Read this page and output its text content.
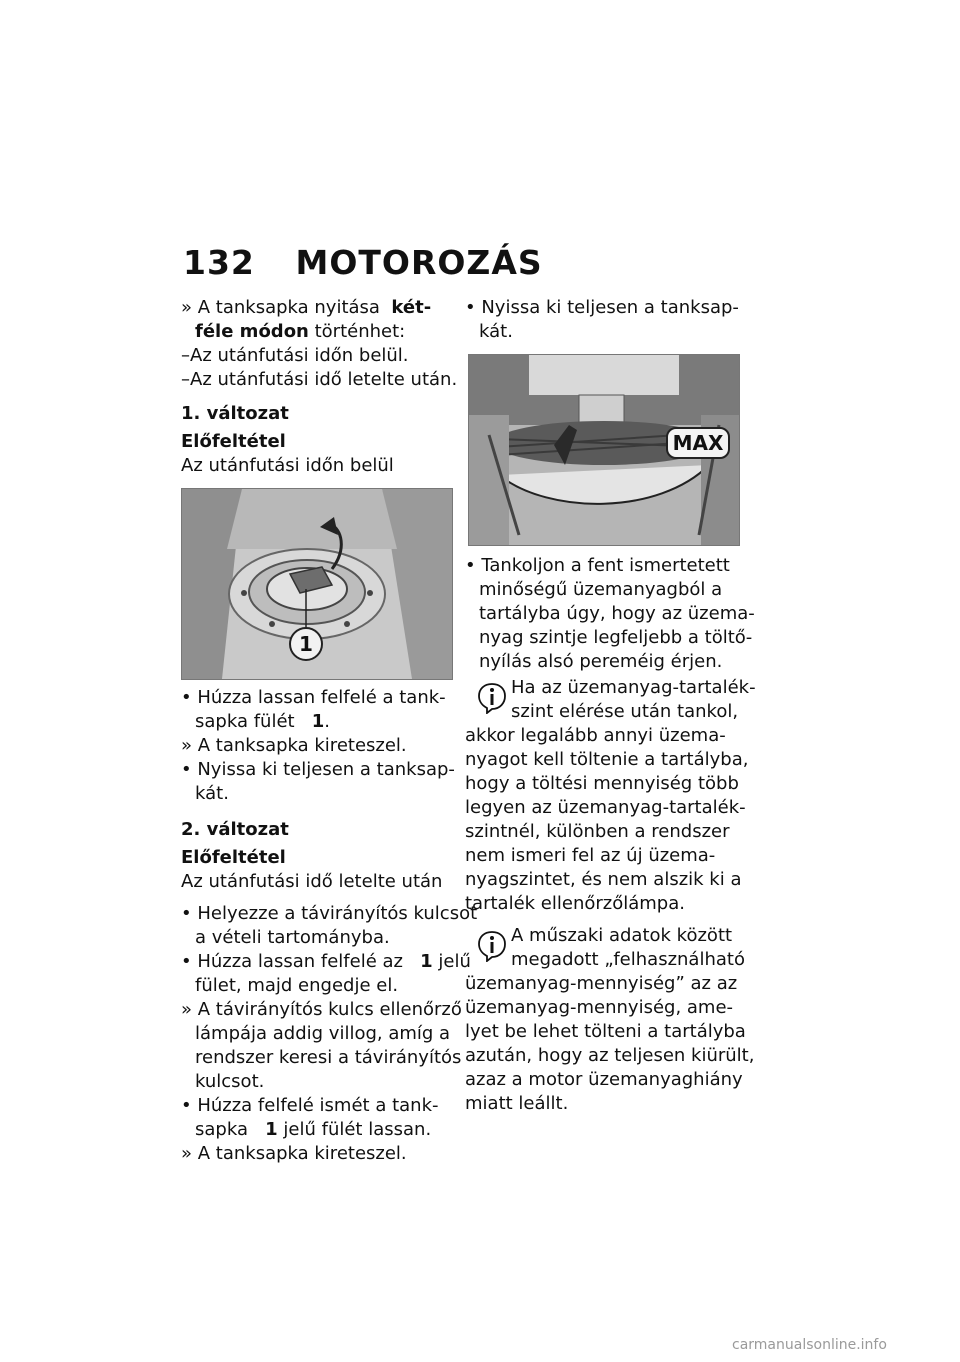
132 MOTOROZÁS
» A tanksapka nyitása két-
féle módon történhet:
–Az utánfutási időn belül.
–Az utánfutási idő letelte után.
1. változat
Előfeltétel
Az utánfutási időn belül
1
• Húzza lassan felfelé a tank-
sapka fülét 1.
» A tanksapka kireteszel.
• Nyissa ki teljesen a tanksap-
kát.
2. változat
Előfeltétel
Az utánfutási idő letelte után
• Helyezze a távirányítós kulcsot
a vételi tartományba.
• Húzza lassan felfelé az 1 jelű
fület, majd engedje el.
» A távirányítós kulcs ellenőrző
lámpája addig villog, amíg a
rendszer keresi a távirányítós
kulcsot.
• Húzza felfelé ismét a tank-
sapka 1 jelű fülét lassan.
» A tanksapka kireteszel.
• Nyissa ki teljesen a tanksap-
kát.
MAX
• Tankoljon a fent ismertetett
minőségű üzemanyagból a
tartályba úgy, hogy az üzema-
nyag szintje legfeljebb a töltő-
nyílás alsó pereméig érjen.
Ha az üzemanyag-tartalék-
szint elérése után tankol,
akkor legalább annyi üzema-
nyagot kell töltenie a tartályba,
hogy a töltési mennyiség több
legyen az üzemanyag-tartalék-
szintnél, különben a rendszer
nem ismeri fel az új üzema-
nyagszintet, és nem alszik ki a
tartalék ellenőrzőlámpa.
A műszaki adatok között
megadott „felhasználható
üzemanyag-mennyiség” az az
üzemanyag-mennyiség, ame-
lyet be lehet tölteni a tartályba
azután, hogy az teljesen kiürült,
azaz a motor üzemanyaghiány
miatt leállt.
carmanualsonline.info
